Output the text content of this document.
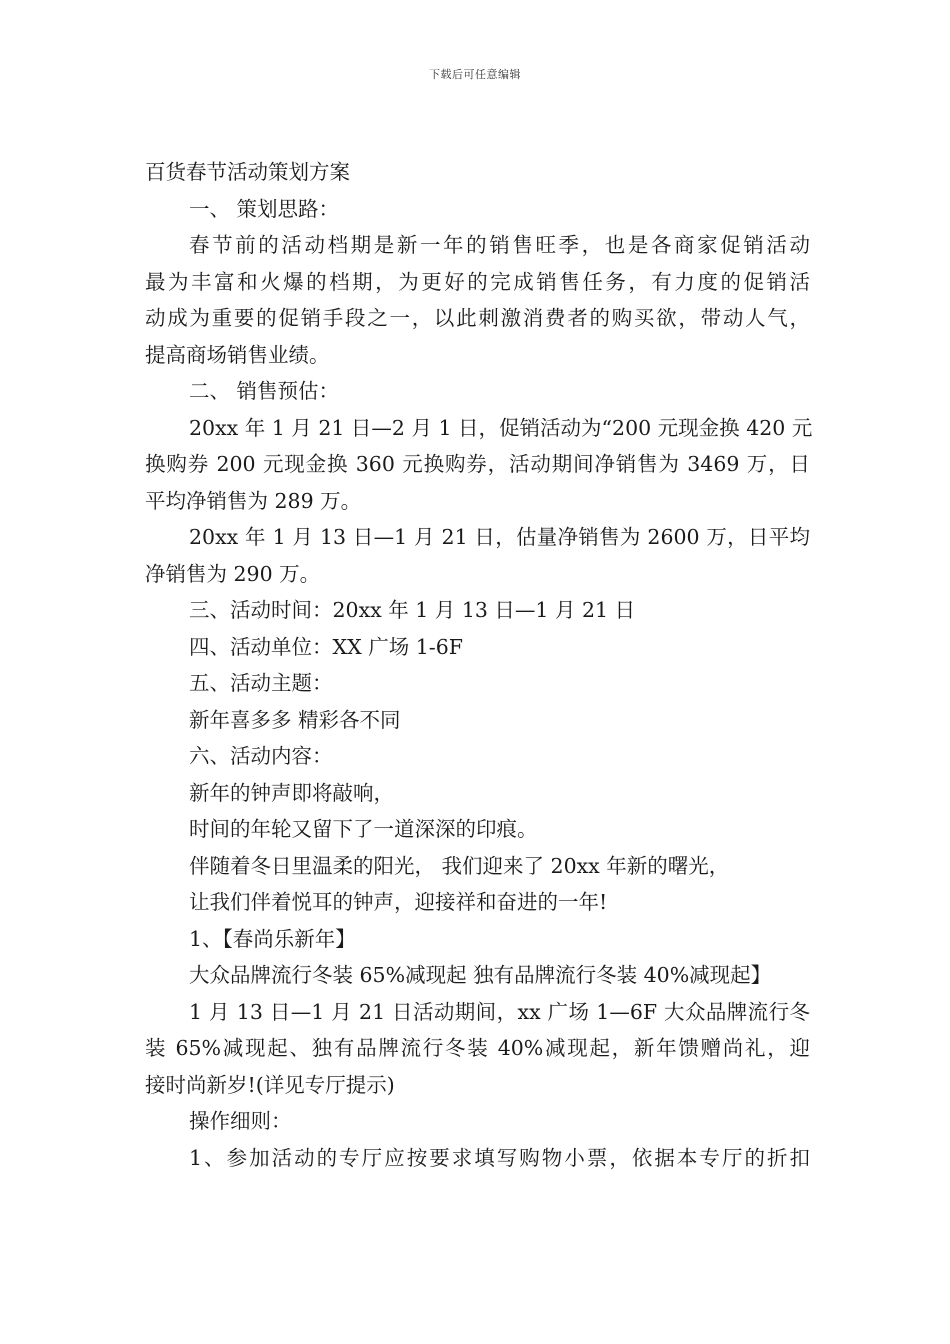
下载后可任意编辑
百货春节活动策划方案
一、 策划思路：
春节前的活动档期是新一年的销售旺季，也是各商家促销活动
最为丰富和火爆的档期，为更好的完成销售任务，有力度的促销活
动成为重要的促销手段之一，以此刺激消费者的购买欲，带动人气，
提高商场销售业绩。
二、 销售预估：
20xx 年 1 月 21 日—2 月 1 日，促销活动为“200 元现金换 420 元
换购券 200 元现金换 360 元换购券，活动期间净销售为 3469 万，日
平均净销售为 289 万。
20xx 年 1 月 13 日—1 月 21 日，估量净销售为 2600 万，日平均
净销售为 290 万。
三、活动时间：20xx 年 1 月 13 日—1 月 21 日
四、活动单位：XX 广场 1-6F
五、活动主题：
新年喜多多 精彩各不同
六、活动内容：
新年的钟声即将敲响，
时间的年轮又留下了一道深深的印痕。
伴随着冬日里温柔的阳光， 我们迎来了 20xx 年新的曙光，
让我们伴着悦耳的钟声，迎接祥和奋进的一年!
1、【春尚乐新年】
大众品牌流行冬装 65%减现起 独有品牌流行冬装 40%减现起】
1 月 13 日—1 月 21 日活动期间，xx 广场 1—6F 大众品牌流行冬
装 65%减现起、独有品牌流行冬装 40%减现起，新年馈赠尚礼，迎
接时尚新岁!(详见专厅提示)
操作细则：
1、参加活动的专厅应按要求填写购物小票，依据本专厅的折扣
